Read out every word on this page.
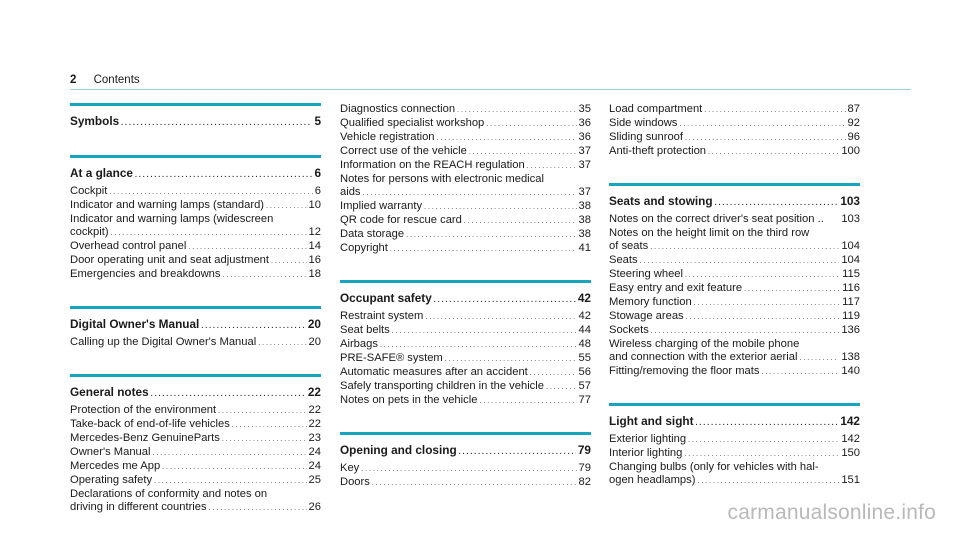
2 Contents
Symbols . . .	5
At a glance . . .	6
Cockpit . . .	6
Indicator and warning lamps (standard) . . .	10
Indicator and warning lamps (widescreen
cockpit) . . .	12
Overhead control panel . . .	14
Door operating unit and seat adjustment . . .	16
Emergencies and breakdowns . . .	18
Digital Owner's Manual . . .	20
Calling up the Digital Owner's Manual . . .	20
General notes . . .	22
Protection of the environment . . .	22
Take-back of end-of-life vehicles . . .	22
Mercedes-Benz GenuineParts . . .	23
Owner's Manual . . .	24
Mercedes me App . . .	24
Operating safety . . .	25
Declarations of conformity and notes on
driving in different countries . . .	26
Diagnostics connection . . .	35
Qualified specialist workshop . . .	36
Vehicle registration . . .	36
Correct use of the vehicle . . .	37
Information on the REACH regulation . . .	37
Notes for persons with electronic medical
aids . . .	37
Implied warranty . . .	38
QR code for rescue card . . .	38
Data storage . . .	38
Copyright . . .	41
Occupant safety . . .	42
Restraint system . . .	42
Seat belts . . .	44
Airbags . . .	48
PRE-SAFE® system . . .	55
Automatic measures after an accident . . .	56
Safely transporting children in the vehicle . . .	57
Notes on pets in the vehicle . . .	77
Opening and closing . . .	79
Key . . .	79
Doors . . .	82
Load compartment . . .	87
Side windows . . .	92
Sliding sunroof . . .	96
Anti-theft protection . . .	100
Seats and stowing . . .	103
Notes on the correct driver's seat position .. 103
Notes on the height limit on the third row
of seats . . .	104
Seats . . .	104
Steering wheel . . .	115
Easy entry and exit feature . . .	116
Memory function . . .	117
Stowage areas . . .	119
Sockets . . .	136
Wireless charging of the mobile phone
and connection with the exterior aerial . . .	138
Fitting/removing the floor mats . . .	140
Light and sight . . .	142
Exterior lighting . . .	142
Interior lighting . . .	150
Changing bulbs (only for vehicles with hal-
ogen headlamps) . . .	151
carmanualsonline.info
